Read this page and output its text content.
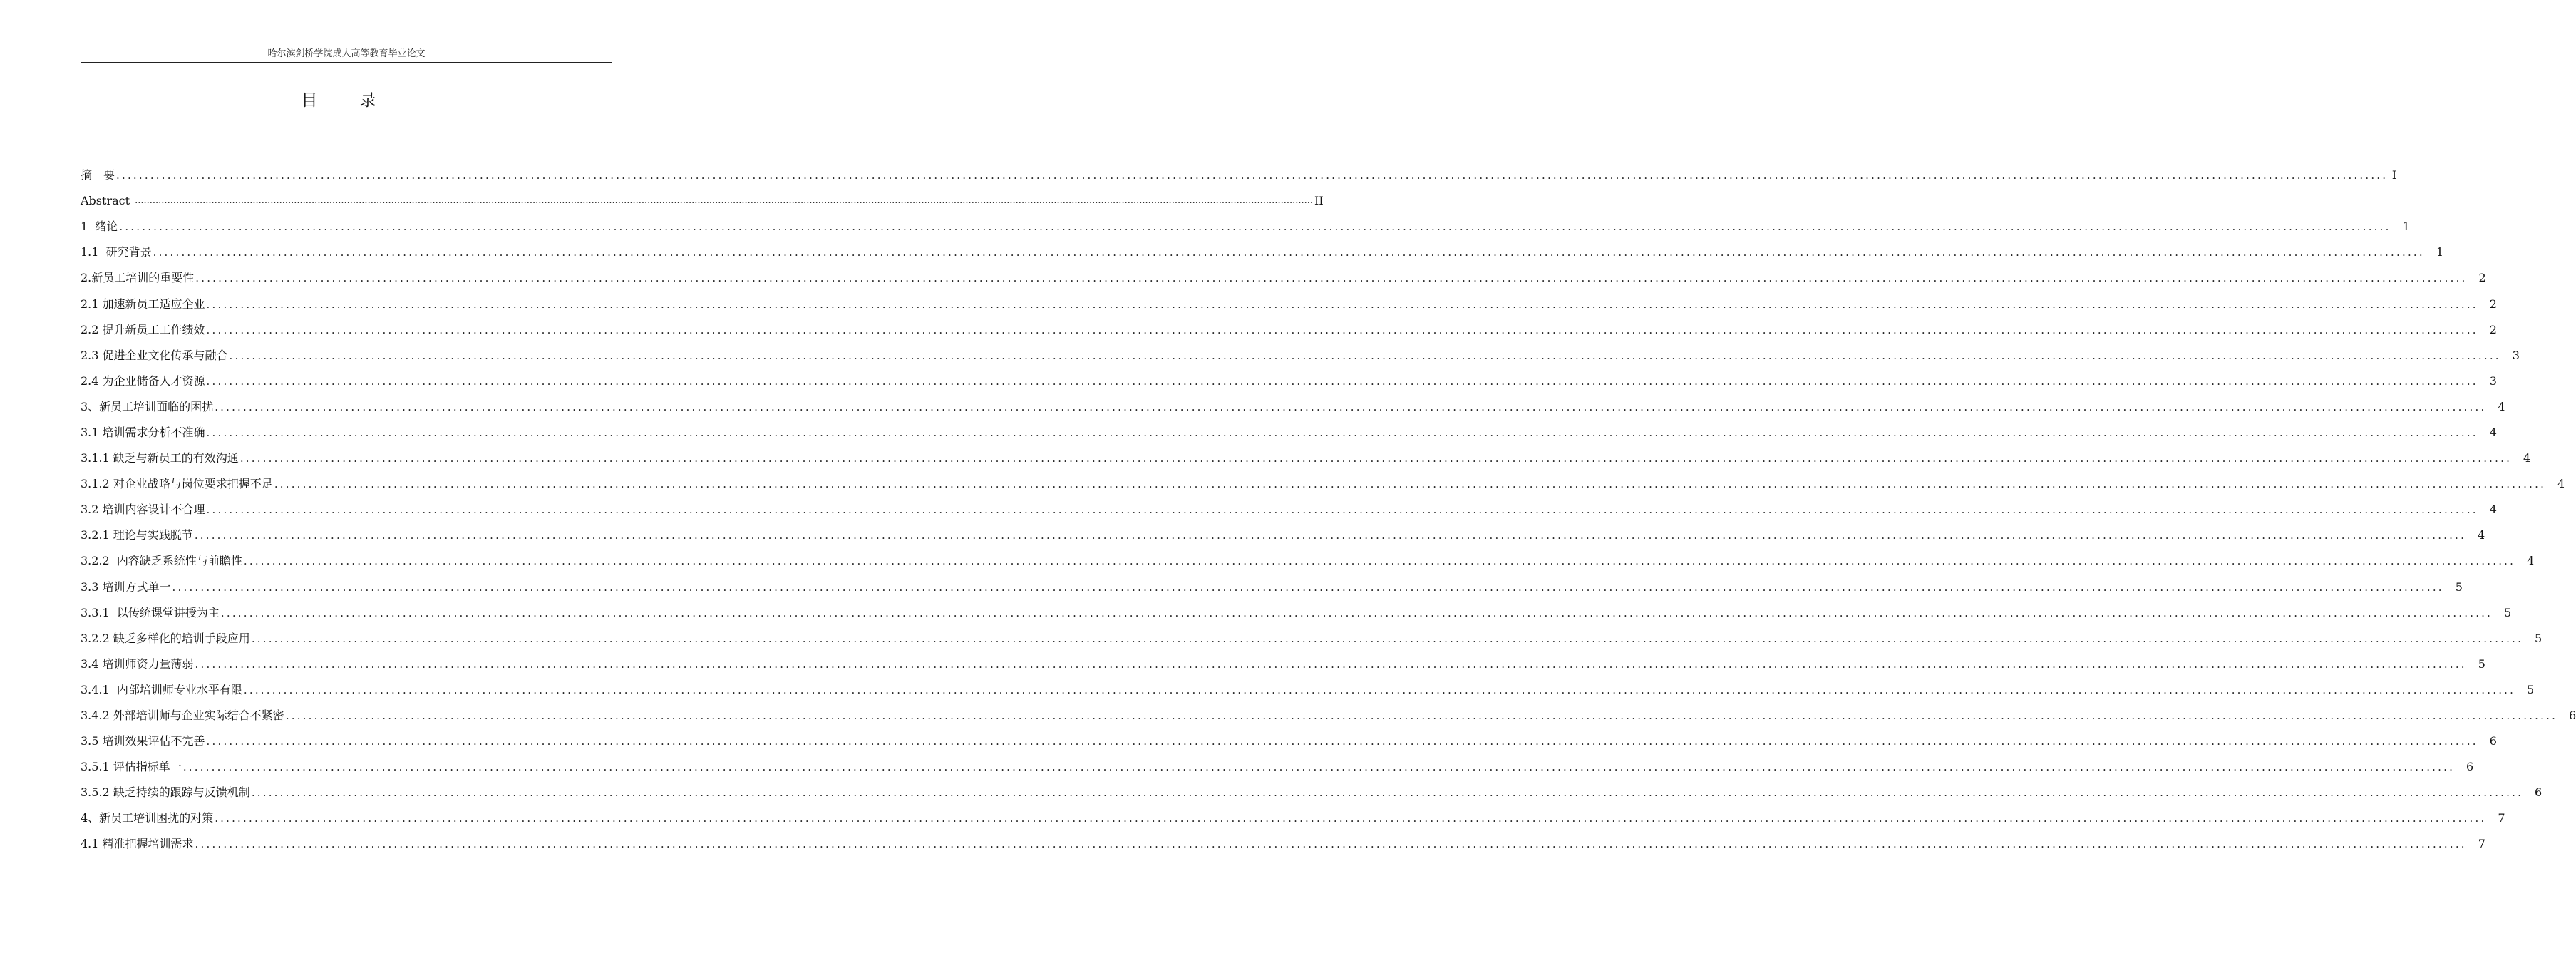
哈尔滨剑桥学院成人高等教育毕业论文
目　录
摘　要 ................................................................................................................................................................................................................................................................................................................................................................................................................ I
Abstract ................................................................................................................................................................................................................................................................................................................................................................................................................ II
1  绪论 ................................................................................................................................................................................................................................................................................................................................................................................................................	1
1.1  研究背景 ................................................................................................................................................................................................................................................................................................................................................................................................................	1
2.新员工培训的重要性 ................................................................................................................................................................................................................................................................................................................................................................................................................	2
2.1 加速新员工适应企业 ................................................................................................................................................................................................................................................................................................................................................................................................................	2
2.2 提升新员工工作绩效 ................................................................................................................................................................................................................................................................................................................................................................................................................	2
2.3 促进企业文化传承与融合 ................................................................................................................................................................................................................................................................................................................................................................................................................	3
2.4 为企业储备人才资源 ................................................................................................................................................................................................................................................................................................................................................................................................................	3
3、新员工培训面临的困扰 ................................................................................................................................................................................................................................................................................................................................................................................................................	4
3.1 培训需求分析不准确 ................................................................................................................................................................................................................................................................................................................................................................................................................	4
3.1.1 缺乏与新员工的有效沟通 ................................................................................................................................................................................................................................................................................................................................................................................................................	4
3.1.2 对企业战略与岗位要求把握不足 ................................................................................................................................................................................................................................................................................................................................................................................................................	4
3.2 培训内容设计不合理 ................................................................................................................................................................................................................................................................................................................................................................................................................	4
3.2.1 理论与实践脱节 ................................................................................................................................................................................................................................................................................................................................................................................................................	4
3.2.2  内容缺乏系统性与前瞻性 ................................................................................................................................................................................................................................................................................................................................................................................................................	4
3.3 培训方式单一 ................................................................................................................................................................................................................................................................................................................................................................................................................	5
3.3.1  以传统课堂讲授为主 ................................................................................................................................................................................................................................................................................................................................................................................................................	5
3.2.2 缺乏多样化的培训手段应用 ................................................................................................................................................................................................................................................................................................................................................................................................................	5
3.4 培训师资力量薄弱 ................................................................................................................................................................................................................................................................................................................................................................................................................	5
3.4.1  内部培训师专业水平有限 ................................................................................................................................................................................................................................................................................................................................................................................................................	5
3.4.2 外部培训师与企业实际结合不紧密 ................................................................................................................................................................................................................................................................................................................................................................................................................	6
3.5 培训效果评估不完善 ................................................................................................................................................................................................................................................................................................................................................................................................................	6
3.5.1 评估指标单一 ................................................................................................................................................................................................................................................................................................................................................................................................................	6
3.5.2 缺乏持续的跟踪与反馈机制 ................................................................................................................................................................................................................................................................................................................................................................................................................	6
4、新员工培训困扰的对策 ................................................................................................................................................................................................................................................................................................................................................................................................................	7
4.1 精准把握培训需求 ................................................................................................................................................................................................................................................................................................................................................................................................................	7
